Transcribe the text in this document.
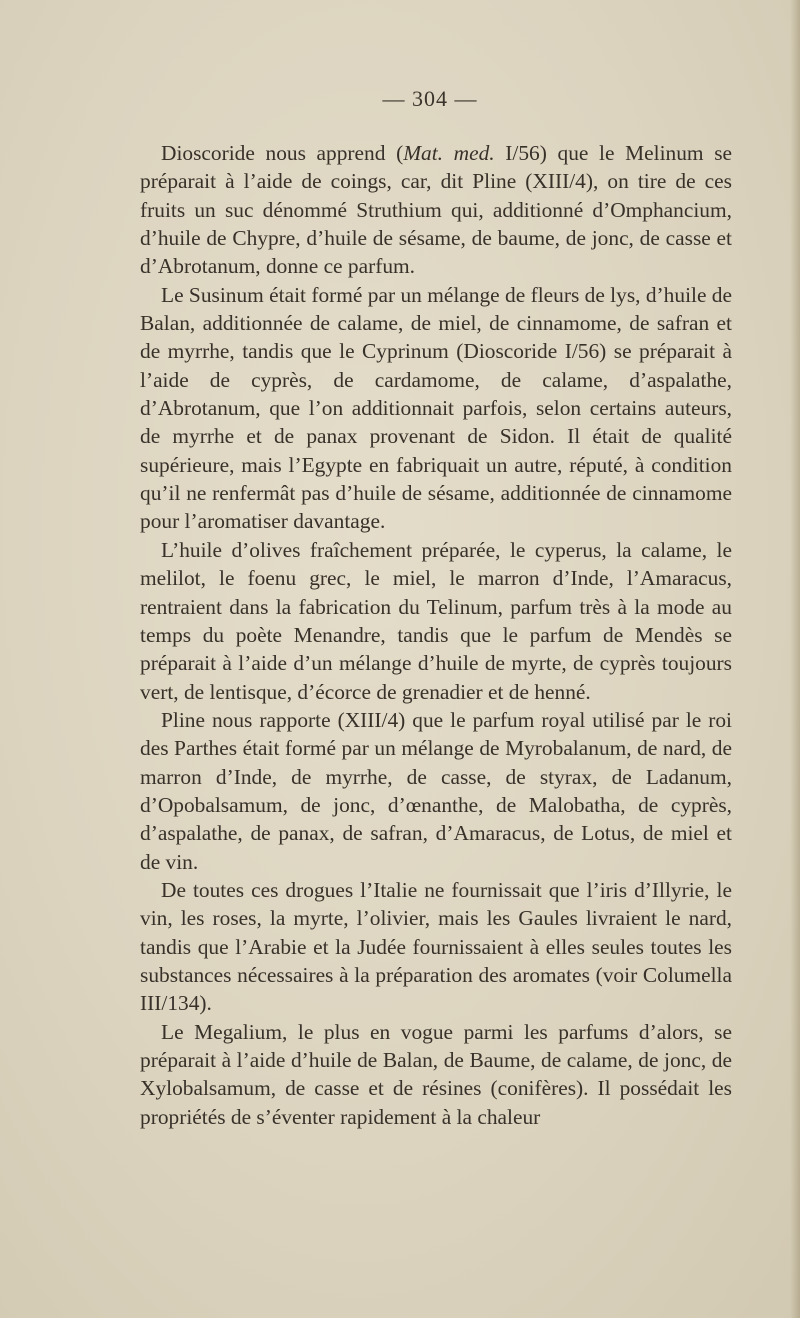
— 304 —

Dioscoride nous apprend (Mat. med. I/56) que le Melinum se préparait à l’aide de coings, car, dit Pline (XIII/4), on tire de ces fruits un suc dénommé Struthium qui, additionné d’Omphancium, d’huile de Chypre, d’huile de sésame, de baume, de jonc, de casse et d’Abrotanum, donne ce parfum.

Le Susinum était formé par un mélange de fleurs de lys, d’huile de Balan, additionnée de calame, de miel, de cinnamome, de safran et de myrrhe, tandis que le Cyprinum (Dioscoride I/56) se préparait à l’aide de cyprès, de cardamome, de calame, d’aspalathe, d’Abrotanum, que l’on additionnait parfois, selon certains auteurs, de myrrhe et de panax provenant de Sidon. Il était de qualité supérieure, mais l’Egypte en fabriquait un autre, réputé, à condition qu’il ne renfermât pas d’huile de sésame, additionnée de cinnamome pour l’aromatiser davantage.

L’huile d’olives fraîchement préparée, le cyperus, la calame, le melilot, le foenu grec, le miel, le marron d’Inde, l’Amaracus, rentraient dans la fabrication du Telinum, parfum très à la mode au temps du poète Menandre, tandis que le parfum de Mendès se préparait à l’aide d’un mélange d’huile de myrte, de cyprès toujours vert, de lentisque, d’écorce de grenadier et de henné.

Pline nous rapporte (XIII/4) que le parfum royal utilisé par le roi des Parthes était formé par un mélange de Myrobalanum, de nard, de marron d’Inde, de myrrhe, de casse, de styrax, de Ladanum, d’Opobalsamum, de jonc, d’œnanthe, de Malobatha, de cyprès, d’aspalathe, de panax, de safran, d’Amaracus, de Lotus, de miel et de vin.

De toutes ces drogues l’Italie ne fournissait que l’iris d’Illyrie, le vin, les roses, la myrte, l’olivier, mais les Gaules livraient le nard, tandis que l’Arabie et la Judée fournissaient à elles seules toutes les substances nécessaires à la préparation des aromates (voir Columella III/134).

Le Megalium, le plus en vogue parmi les parfums d’alors, se préparait à l’aide d’huile de Balan, de Baume, de calame, de jonc, de Xylobalsamum, de casse et de résines (conifères). Il possédait les propriétés de s’éventer rapidement à la chaleur
